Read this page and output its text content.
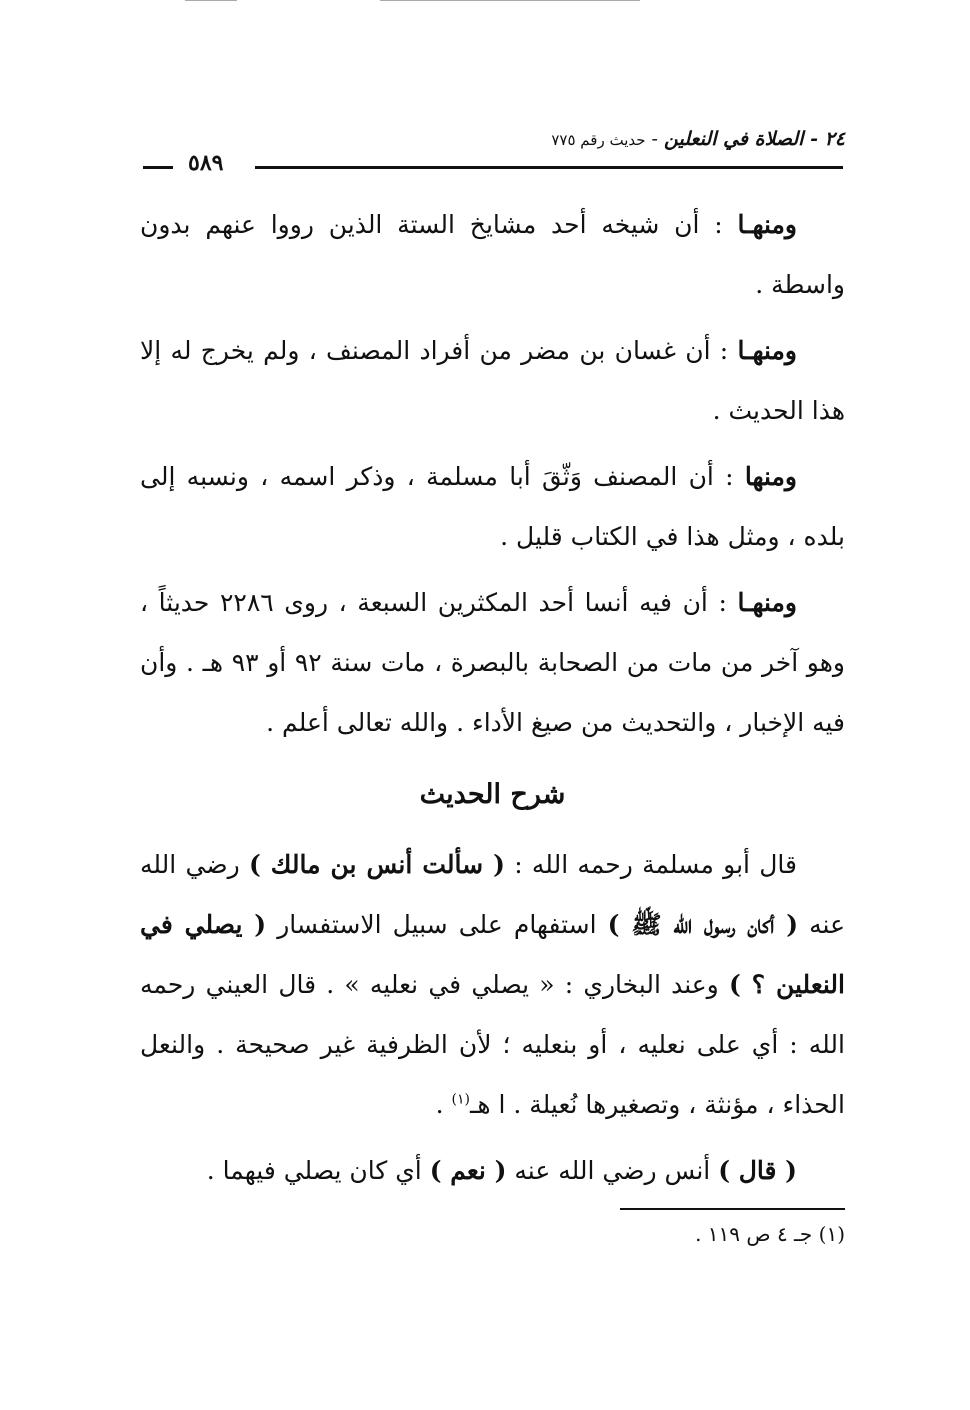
٢٤ - الصلاة في النعلين - حديث رقم ٧٧٥
٥٨٩

ومنهـا : أن شيخه أحد مشايخ الستة الذين رووا عنهم بدون واسطة .

ومنهـا : أن غسان بن مضر من أفراد المصنف ، ولم يخرج له إلا هذا الحديث .

ومنها : أن المصنف وَثّقَ أبا مسلمة ، وذكر اسمه ، ونسبه إلى بلده ، ومثل هذا في الكتاب قليل .

ومنهـا : أن فيه أنسا أحد المكثرين السبعة ، روى ٢٢٨٦ حديثاً ، وهو آخر من مات من الصحابة بالبصرة ، مات سنة ٩٢ أو ٩٣ هـ . وأن فيه الإخبار ، والتحديث من صيغ الأداء . والله تعالى أعلم .

شرح الحديث

قال أبو مسلمة رحمه الله : ( سألت أنس بن مالك ) رضي الله عنه ( أكان رسول الله ﷺ ) استفهام على سبيل الاستفسار ( يصلي في النعلين ؟ ) وعند البخاري : « يصلي في نعليه » . قال العيني رحمه الله : أي على نعليه ، أو بنعليه ؛ لأن الظرفية غير صحيحة . والنعل الحذاء ، مؤنثة ، وتصغيرها نُعيلة . ا هـ$^{(١)}$ .

( قال ) أنس رضي الله عنه ( نعم ) أي كان يصلي فيهما .

(١) جـ ٤ ص ١١٩ .
